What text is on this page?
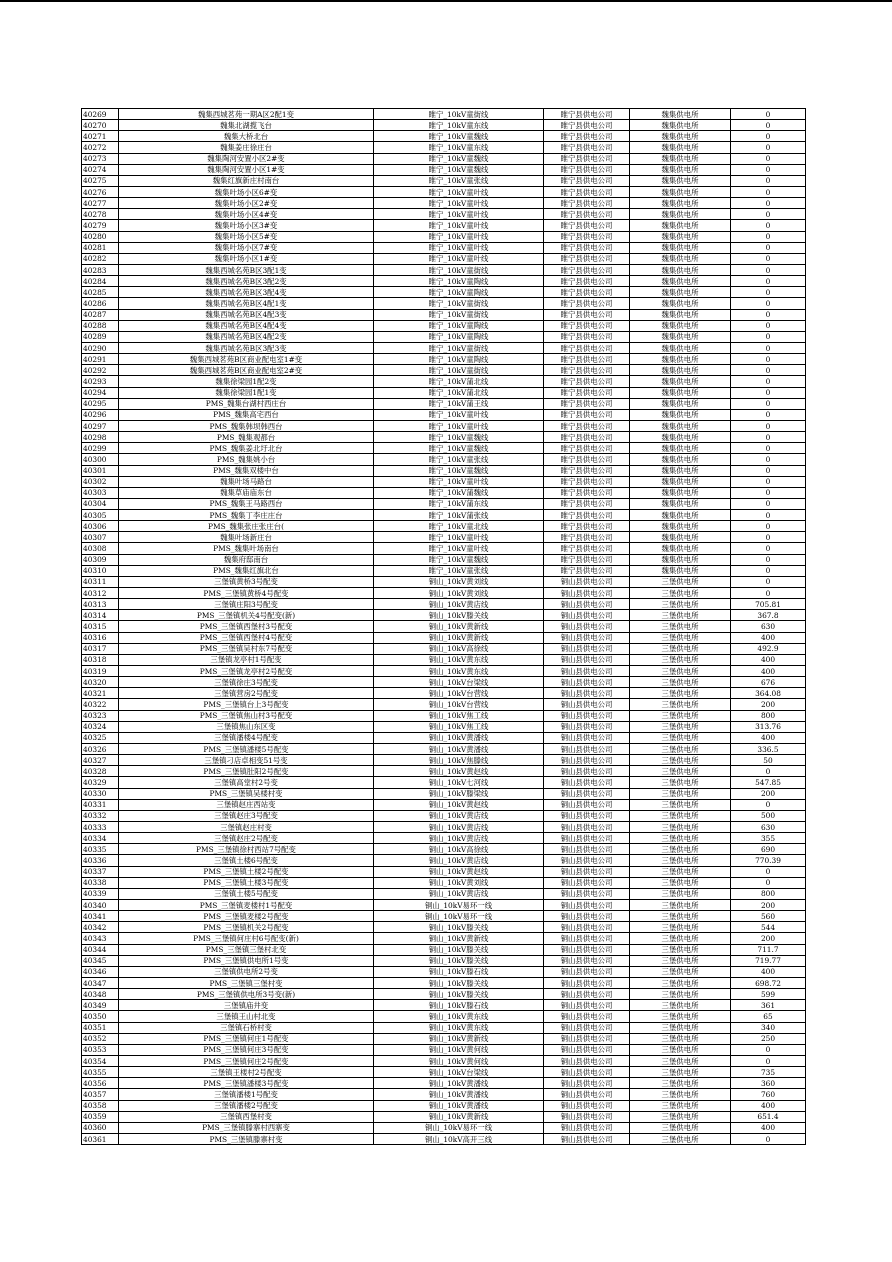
40269	魏集西城茗苑一期A区2配1变	睢宁_10kV童街线	睢宁县供电公司	魏集供电所	0
40270	魏集北湖揽飞台	睢宁_10kV童东线	睢宁县供电公司	魏集供电所	0
40271	魏集大桥北台	睢宁_10kV童魏线	睢宁县供电公司	魏集供电所	0
40272	魏集姜庄徐庄台	睢宁_10kV童东线	睢宁县供电公司	魏集供电所	0
40273	魏集陶河安置小区2#变	睢宁_10kV童魏线	睢宁县供电公司	魏集供电所	0
40274	魏集陶河安置小区1#变	睢宁_10kV童魏线	睢宁县供电公司	魏集供电所	0
40275	魏集红旗新庄村南台	睢宁_10kV童张线	睢宁县供电公司	魏集供电所	0
40276	魏集叶场小区6#变	睢宁_10kV童叶线	睢宁县供电公司	魏集供电所	0
40277	魏集叶场小区2#变	睢宁_10kV童叶线	睢宁县供电公司	魏集供电所	0
40278	魏集叶场小区4#变	睢宁_10kV童叶线	睢宁县供电公司	魏集供电所	0
40279	魏集叶场小区3#变	睢宁_10kV童叶线	睢宁县供电公司	魏集供电所	0
40280	魏集叶场小区5#变	睢宁_10kV童叶线	睢宁县供电公司	魏集供电所	0
40281	魏集叶场小区7#变	睢宁_10kV童叶线	睢宁县供电公司	魏集供电所	0
40282	魏集叶场小区1#变	睢宁_10kV童叶线	睢宁县供电公司	魏集供电所	0
40283	魏集西城名苑B区3配1变	睢宁_10kV童街线	睢宁县供电公司	魏集供电所	0
40284	魏集西城名苑B区3配2变	睢宁_10kV童陶线	睢宁县供电公司	魏集供电所	0
40285	魏集西城名苑B区3配4变	睢宁_10kV童陶线	睢宁县供电公司	魏集供电所	0
40286	魏集西城名苑B区4配1变	睢宁_10kV童街线	睢宁县供电公司	魏集供电所	0
40287	魏集西城名苑B区4配3变	睢宁_10kV童街线	睢宁县供电公司	魏集供电所	0
40288	魏集西城名苑B区4配4变	睢宁_10kV童陶线	睢宁县供电公司	魏集供电所	0
40289	魏集西城名苑B区4配2变	睢宁_10kV童陶线	睢宁县供电公司	魏集供电所	0
40290	魏集西城名苑B区3配3变	睢宁_10kV童街线	睢宁县供电公司	魏集供电所	0
40291	魏集西城茗苑B区商业配电室1#变	睢宁_10kV童陶线	睢宁县供电公司	魏集供电所	0
40292	魏集西城茗苑B区商业配电室2#变	睢宁_10kV童街线	睢宁县供电公司	魏集供电所	0
40293	魏集徐梁园1配2变	睢宁_10kV蒲北线	睢宁县供电公司	魏集供电所	0
40294	魏集徐梁园1配1变	睢宁_10kV蒲北线	睢宁县供电公司	魏集供电所	0
40295	PMS_魏集台湖村西庄台	睢宁_10kV蒲王线	睢宁县供电公司	魏集供电所	0
40296	PMS_魏集高宅西台	睢宁_10kV童叶线	睢宁县供电公司	魏集供电所	0
40297	PMS_魏集韩坝韩西台	睢宁_10kV童叶线	睢宁县供电公司	魏集供电所	0
40298	PMS_魏集观都台	睢宁_10kV童魏线	睢宁县供电公司	魏集供电所	0
40299	PMS_魏集姜北圩北台	睢宁_10kV童魏线	睢宁县供电公司	魏集供电所	0
40300	PMS_魏集姚小台	睢宁_10kV童张线	睢宁县供电公司	魏集供电所	0
40301	PMS_魏集双楼中台	睢宁_10kV童魏线	睢宁县供电公司	魏集供电所	0
40302	魏集叶场马路台	睢宁_10kV童叶线	睢宁县供电公司	魏集供电所	0
40303	魏集草庙庙东台	睢宁_10kV蒲魏线	睢宁县供电公司	魏集供电所	0
40304	PMS_魏集王马路西台	睢宁_10kV蒲东线	睢宁县供电公司	魏集供电所	0
40305	PMS_魏集丁李庄庄台	睢宁_10kV蒲张线	睢宁县供电公司	魏集供电所	0
40306	PMS_魏集张庄张庄台(	睢宁_10kV童北线	睢宁县供电公司	魏集供电所	0
40307	魏集叶场新庄台	睢宁_10kV童叶线	睢宁县供电公司	魏集供电所	0
40308	PMS_魏集叶场南台	睢宁_10kV童叶线	睢宁县供电公司	魏集供电所	0
40309	魏集府邸南台	睢宁_10kV童魏线	睢宁县供电公司	魏集供电所	0
40310	PMS_魏集红旗北台	睢宁_10kV童张线	睢宁县供电公司	魏集供电所	0
40311	三堡镇黄桥3号配变	铜山_10kV黄刘线	铜山县供电公司	三堡供电所	0
40312	PMS_三堡镇黄桥4号配变	铜山_10kV黄刘线	铜山县供电公司	三堡供电所	0
40313	三堡镇庄阳3号配变	铜山_10kV黄店线	铜山县供电公司	三堡供电所	705.81
40314	PMS_三堡镇机关4号配变(新)	铜山_10kV滕关线	铜山县供电公司	三堡供电所	367.8
40315	PMS_三堡镇西堡村3号配变	铜山_10kV黄新线	铜山县供电公司	三堡供电所	630
40316	PMS_三堡镇西堡村4号配变	铜山_10kV黄新线	铜山县供电公司	三堡供电所	400
40317	PMS_三堡镇吴村东7号配变	铜山_10kV高徐线	铜山县供电公司	三堡供电所	492.9
40318	三堡镇龙亭村1号配变	铜山_10kV黄东线	铜山县供电公司	三堡供电所	400
40319	PMS_三堡镇龙亭村2号配变	铜山_10kV黄东线	铜山县供电公司	三堡供电所	400
40320	三堡镇徐庄3号配变	铜山_10kV台梁线	铜山县供电公司	三堡供电所	676
40321	三堡镇营房2号配变	铜山_10kV台营线	铜山县供电公司	三堡供电所	364.08
40322	PMS_三堡镇台上3号配变	铜山_10kV台营线	铜山县供电公司	三堡供电所	200
40323	PMS_三堡镇焦山村3号配变	铜山_10kV焦工线	铜山县供电公司	三堡供电所	800
40324	三堡镇焦山东区变	铜山_10kV焦工线	铜山县供电公司	三堡供电所	313.76
40325	三堡镇潘楼4号配变	铜山_10kV黄潘线	铜山县供电公司	三堡供电所	400
40326	PMS_三堡镇潘楼5号配变	铜山_10kV黄潘线	铜山县供电公司	三堡供电所	336.5
40327	三堡镇刁店卓相变51号变	铜山_10kV焦滕线	铜山县供电公司	三堡供电所	50
40328	PMS_三堡镇肚阳2号配变	铜山_10kV黄赵线	铜山县供电公司	三堡供电所	0
40329	三堡镇高堂村2号变	铜山_10kV七河线	铜山县供电公司	三堡供电所	547.85
40330	PMS_三堡镇吴楼村变	铜山_10kV滕梁线	铜山县供电公司	三堡供电所	200
40331	三堡镇赵庄西站变	铜山_10kV黄赵线	铜山县供电公司	三堡供电所	0
40332	三堡镇赵庄3号配变	铜山_10kV黄店线	铜山县供电公司	三堡供电所	500
40333	三堡镇赵庄村变	铜山_10kV黄店线	铜山县供电公司	三堡供电所	630
40334	三堡镇赵庄2号配变	铜山_10kV黄店线	铜山县供电公司	三堡供电所	355
40335	PMS_三堡镇徐村西站7号配变	铜山_10kV高徐线	铜山县供电公司	三堡供电所	690
40336	三堡镇土楼6号配变	铜山_10kV黄店线	铜山县供电公司	三堡供电所	770.39
40337	PMS_三堡镇土楼2号配变	铜山_10kV黄赵线	铜山县供电公司	三堡供电所	0
40338	PMS_三堡镇土楼3号配变	铜山_10kV黄刘线	铜山县供电公司	三堡供电所	0
40339	三堡镇土楼5号配变	铜山_10kV黄店线	铜山县供电公司	三堡供电所	800
40340	PMS_三堡镇麦楼村1号配变	铜山_10kV易环一线	铜山县供电公司	三堡供电所	200
40341	PMS_三堡镇麦楼2号配变	铜山_10kV易环一线	铜山县供电公司	三堡供电所	560
40342	PMS_三堡镇机关2号配变	铜山_10kV滕关线	铜山县供电公司	三堡供电所	544
40343	PMS_三堡镇何庄村6号配变(新)	铜山_10kV黄新线	铜山县供电公司	三堡供电所	200
40344	PMS_三堡镇三堡村北变	铜山_10kV滕关线	铜山县供电公司	三堡供电所	711.7
40345	PMS_三堡镇供电所1号变	铜山_10kV滕关线	铜山县供电公司	三堡供电所	719.77
40346	三堡镇供电所2号变	铜山_10kV滕石线	铜山县供电公司	三堡供电所	400
40347	PMS_三堡镇三堡村变	铜山_10kV滕关线	铜山县供电公司	三堡供电所	698.72
40348	PMS_三堡镇供电所3号变(新)	铜山_10kV滕关线	铜山县供电公司	三堡供电所	599
40349	三堡镇庙井变	铜山_10kV滕石线	铜山县供电公司	三堡供电所	361
40350	三堡镇王山村北变	铜山_10kV黄东线	铜山县供电公司	三堡供电所	65
40351	三堡镇石桥村变	铜山_10kV黄东线	铜山县供电公司	三堡供电所	340
40352	PMS_三堡镇何庄1号配变	铜山_10kV黄新线	铜山县供电公司	三堡供电所	250
40353	PMS_三堡镇何庄3号配变	铜山_10kV黄何线	铜山县供电公司	三堡供电所	0
40354	PMS_三堡镇何庄2号配变	铜山_10kV黄何线	铜山县供电公司	三堡供电所	0
40355	三堡镇王楼村2号配变	铜山_10kV台梁线	铜山县供电公司	三堡供电所	735
40356	PMS_三堡镇潘楼3号配变	铜山_10kV黄潘线	铜山县供电公司	三堡供电所	360
40357	三堡镇潘楼1号配变	铜山_10kV黄潘线	铜山县供电公司	三堡供电所	760
40358	三堡镇潘楼2号配变	铜山_10kV黄潘线	铜山县供电公司	三堡供电所	400
40359	三堡镇西堡村变	铜山_10kV黄新线	铜山县供电公司	三堡供电所	651.4
40360	PMS_三堡镇滕寨村西寨变	铜山_10kV易环一线	铜山县供电公司	三堡供电所	400
40361	PMS_三堡镇滕寨村变	铜山_10kV高开三线	铜山县供电公司	三堡供电所	0
